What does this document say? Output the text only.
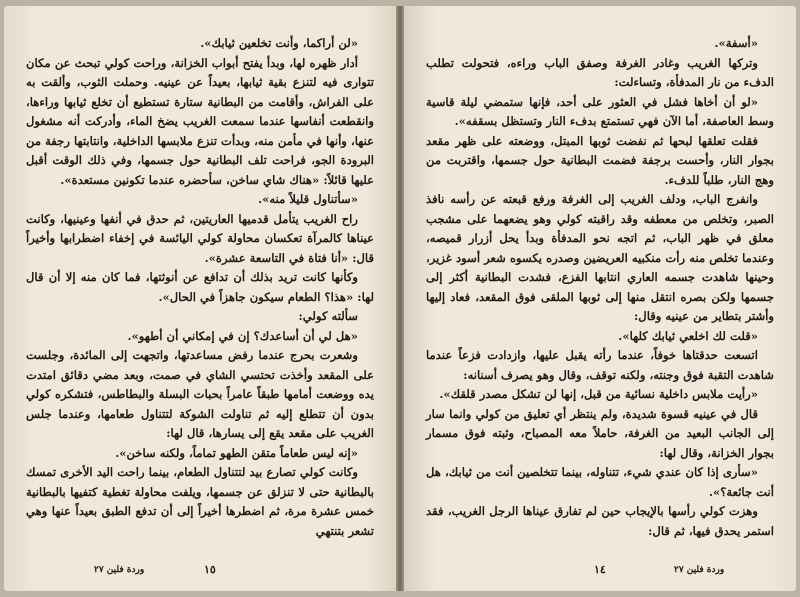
«لن أراكما، وأنت تخلعين ثيابك».

أدار ظهره لها، وبدأ يفتح أبواب الخزانة، وراحت كولي تبحث عن مكان تتوارى فيه لتنزع بقية ثيابها، بعيداً عن عينيه. وحملت الثوب، وألقت به على الفراش، وأقامت من البطانية ستارة تستطيع أن تخلع ثيابها وراءها، وانقطعت أنفاسها عندما سمعت الغريب يضخ الماء، وأدركت أنه مشغول عنها، وأنها في مأمن منه، وبدأت تنزع ملابسها الداخلية، وانتابتها رجفة من البرودة الجو، فراحت تلف البطانية حول جسمها، وفي ذلك الوقت أقبل عليها قائلاً: «هناك شاي ساخن، سأحضره عندما تكونين مستعدة».

«سأتناول قليلاً منه».

راح الغريب يتأمل قدميها العاريتين، ثم حدق في أنفها وعينيها، وكانت عيناها كالمرآة تعكسان محاولة كولي اليائسة في إخفاء اضطرابها وأخيراً قال: «أنا فتاة في التاسعة عشرة».

وكأنها كانت تريد بذلك أن تدافع عن أنوثتها، فما كان منه إلا أن قال لها: «هذا؟ الطعام سيكون جاهزاً في الحال».

سألته كولي:

«هل لي أن أساعدك؟ إن في إمكاني أن أطهو».

وشعرت بحرج عندما رفض مساعدتها، واتجهت إلى المائدة، وجلست على المقعد وأخذت تحتسي الشاي في صمت، وبعد مضي دقائق امتدت يده ووضعت أمامها طبقاً عامراً بحبات البسلة والبطاطس، فتشكره كولي بدون أن تتطلع إليه ثم تناولت الشوكة لتتناول طعامها، وعندما جلس الغريب على مقعد يقع إلى يسارها، قال لها:

«إنه ليس طعاماً متقن الطهو تماماً، ولكنه ساخن».

وكانت كولي تصارع بيد لتتناول الطعام، بينما راحت اليد الأخرى تمسك بالبطانية حتى لا تنزلق عن جسمها، ويلفت محاولة تغطية كتفيها بالبطانية خمس عشرة مرة، ثم اضطرها أخيراً إلى أن تدفع الطبق بعيداً عنها وهي تشعر بتنتهي

١٥
وردة فلين ٢٧

«أسفة».

وتركها الغريب وغادر الغرفة وصفق الباب وراءه، فتحولت تطلب الدفء من نار المدفأة، وتساءلت:

«لو أن أخاها فشل في العثور على أحد، فإنها ستمضي ليلة قاسية وسط العاصفة، أما الآن فهي تستمتع بدفء النار وتستظل بسقفه».

فقلت تعلقها لبحها ثم نفضت ثوبها المبتل، ووضعته على ظهر مقعد بجوار النار، وأحست برجفة فضمت البطانية حول جسمها، واقتربت من وهج النار، طلباً للدفء.

وانفرج الباب، ودلف الغريب إلى الغرفة ورفع قبعته عن رأسه نافذ الصبر، وتخلص من معطفه وقد راقبته كولي وهو يضعهما على مشجب معلق في ظهر الباب، ثم اتجه نحو المدفأة وبدأ يحل أزرار قميصه، وعندما تخلص منه رأت منكبيه العريضين وصدره يكسوه شعر أسود غزير، وحينها شاهدت جسمه العاري انتابها الفزع، فشدت البطانية أكثر إلى جسمها ولكن بصره انتقل منها إلى ثوبها الملقى فوق المقعد، فعاد إليها وأشتر بتطاير من عينيه وقال:

«قلت لك اخلعي ثيابك كلها».

اتسعت حدقتاها خوفاً، عندما رأته يقبل عليها، وازدادت فزعاً عندما شاهدت التقبة فوق وجنته، ولكنه توقف، وقال وهو يصرف أسنانه:

«رأيت ملابس داخلية نسائية من قبل، إنها لن تشكل مصدر قلقك».

قال في عينيه قسوة شديدة، ولم ينتظر أي تعليق من كولي وانما سار إلى الجانب البعيد من الغرفة، حاملاً معه المصباح، وثبته فوق مسمار بجوار الخزانة، وقال لها:

«سأرى إذا كان عندي شيء، تتناوله، بينما تتخلصين أنت من ثيابك، هل أنت جائعة؟».

وهزت كولي رأسها بالإيجاب حين لم تفارق عيناها الرجل الغريب، فقد استمر يحدق فيها، ثم قال:

١٤	وردة فلين ٢٧
